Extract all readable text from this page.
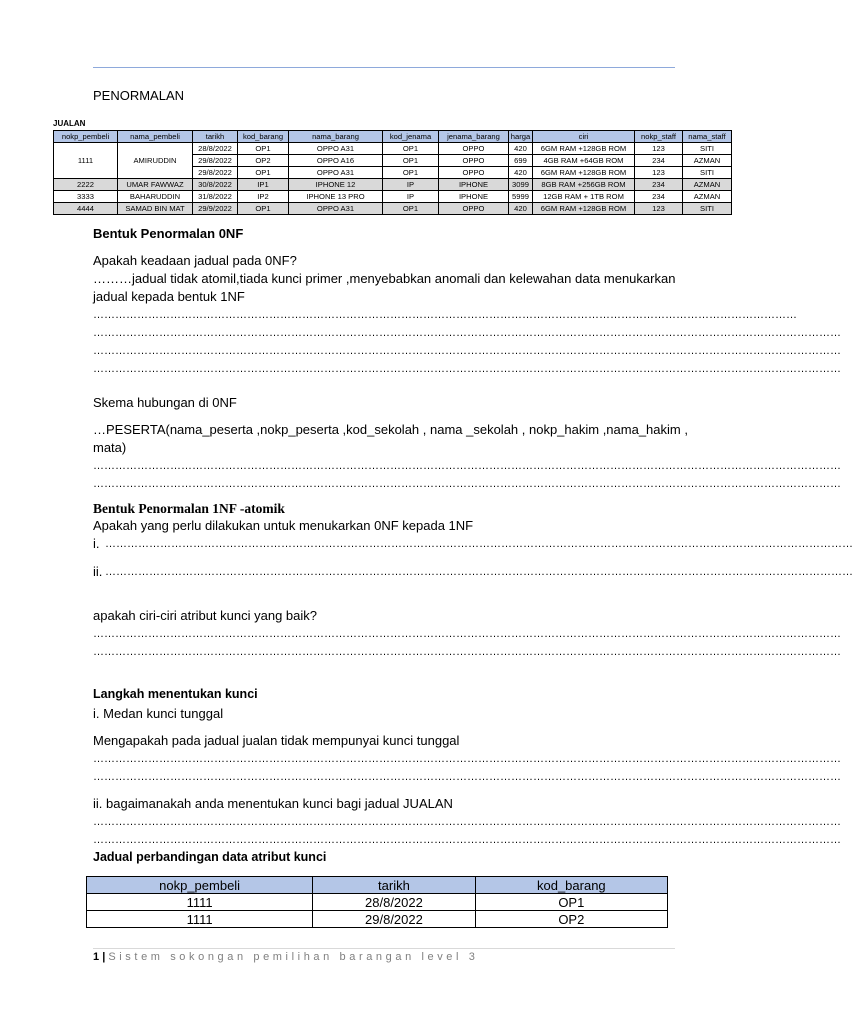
PENORMALAN
JUALAN
nokp_pembeli	nama_pembeli	tarikh	kod_barang	nama_barang	kod_jenama	jenama_barang	harga	ciri	nokp_staff	nama_staff
1111	AMIRUDDIN	28/8/2022	OP1	OPPO A31	OP1	OPPO	420	6GM RAM +128GB ROM	123	SITI
		29/8/2022	OP2	OPPO A16	OP1	OPPO	699	4GB RAM +64GB ROM	234	AZMAN
		29/8/2022	OP1	OPPO A31	OP1	OPPO	420	6GM RAM +128GB ROM	123	SITI
2222	UMAR FAWWAZ	30/8/2022	IP1	IPHONE 12	IP	IPHONE	3099	8GB RAM +256GB ROM	234	AZMAN
3333	BAHARUDDIN	31/8/2022	IP2	IPHONE 13 PRO	IP	IPHONE	5999	12GB RAM + 1TB ROM	234	AZMAN
4444	SAMAD BIN MAT	29/9/2022	OP1	OPPO A31	OP1	OPPO	420	6GM RAM +128GB ROM	123	SITI
Bentuk Penormalan 0NF
Apakah keadaan jadual pada 0NF?
………jadual tidak atomil,tiada kunci primer ,menyebabkan anomali dan kelewahan data menukarkan
jadual kepada bentuk 1NF
…………………………………………………………………………………………………………………………………………………………………………
……………………………………………………………………………………………………………………………………………………………………………………
……………………………………………………………………………………………………………………………………………………………………………………
……………………………………………………………………………………………………………………………………………………………………………………
Skema hubungan di 0NF
…PESERTA(nama_peserta ,nokp_peserta ,kod_sekolah , nama _sekolah , nokp_hakim ,nama_hakim ,
mata)
……………………………………………………………………………………………………………………………………………………………………………………
……………………………………………………………………………………………………………………………………………………………………………………
Bentuk Penormalan 1NF -atomik
Apakah yang perlu dilakukan untuk menukarkan 0NF kepada 1NF
i. ……………………………………………………………………………………………………………………………………………………………………………………
ii. ……………………………………………………………………………………………………………………………………………………………………………………
apakah ciri-ciri atribut kunci yang baik?
……………………………………………………………………………………………………………………………………………………………………………………
……………………………………………………………………………………………………………………………………………………………………………………
Langkah menentukan kunci
i. Medan kunci tunggal
Mengapakah pada jadual jualan tidak mempunyai kunci tunggal
……………………………………………………………………………………………………………………………………………………………………………………
……………………………………………………………………………………………………………………………………………………………………………………
ii. bagaimanakah anda menentukan kunci bagi jadual JUALAN
……………………………………………………………………………………………………………………………………………………………………………………
……………………………………………………………………………………………………………………………………………………………………………………
Jadual perbandingan data atribut kunci
nokp_pembeli	tarikh	kod_barang
1111	28/8/2022	OP1
1111	29/8/2022	OP2
1 | Sistem sokongan pemilihan barangan level 3
